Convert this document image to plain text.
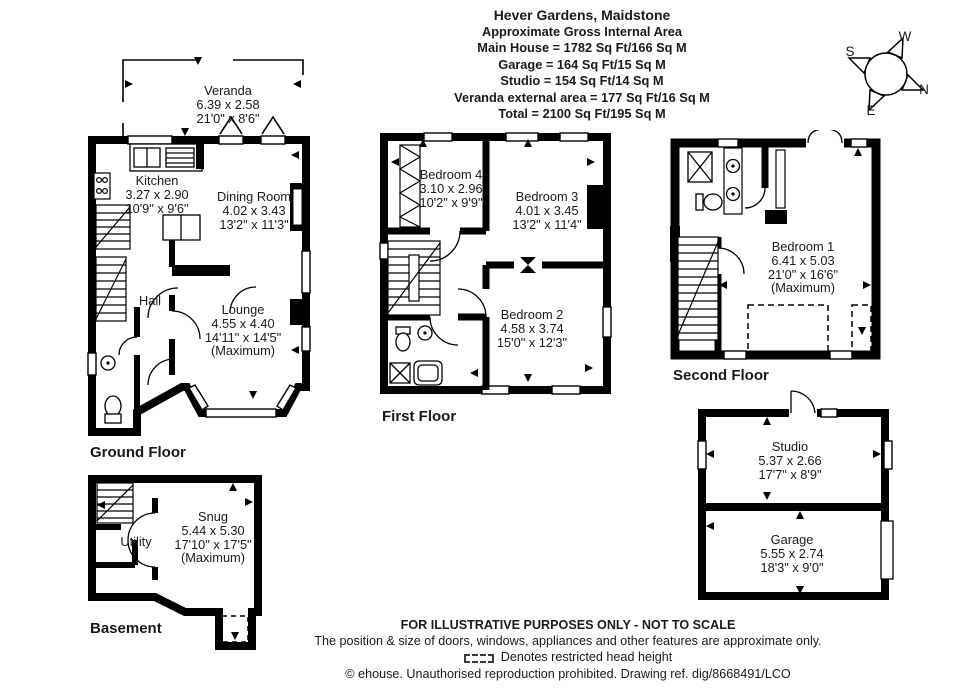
Hever Gardens, Maidstone
Approximate Gross Internal Area
Main House = 1782 Sq Ft/166 Sq M
Garage = 164 Sq Ft/15 Sq M
Studio = 154 Sq Ft/14 Sq M
Veranda external area = 177 Sq Ft/16 Sq M
Total = 2100 Sq Ft/195 Sq M
W
S
N
E
Veranda
6.39 x 2.58
21'0" x 8'6"
Kitchen
3.27 x 2.90
10'9" x 9'6"
Dining Room
4.02 x 3.43
13'2" x 11'3"
Hall
Lounge
4.55 x 4.40
14'11" x 14'5"
(Maximum)
Bedroom 4
3.10 x 2.96
10'2" x 9'9"	Bedroom 3
4.01 x 3.45
13'2" x 11'4"
Bedroom 2
4.58 x 3.74
15'0" x 12'3"
Bedroom 1
6.41 x 5.03
21'0" x 16'6"
(Maximum)
Utility
Snug
5.44 x 5.30
17'10" x 17'5"
(Maximum)
Studio
5.37 x 2.66
17'7" x 8'9"
Garage
5.55 x 2.74
18'3" x 9'0"
Ground Floor
First Floor
Second Floor
Basement	FOR ILLUSTRATIVE PURPOSES ONLY - NOT TO SCALE
The position & size of doors, windows, appliances and other features are approximate only.
Denotes restricted head height
© ehouse. Unauthorised reproduction prohibited. Drawing ref. dig/8668491/LCO
